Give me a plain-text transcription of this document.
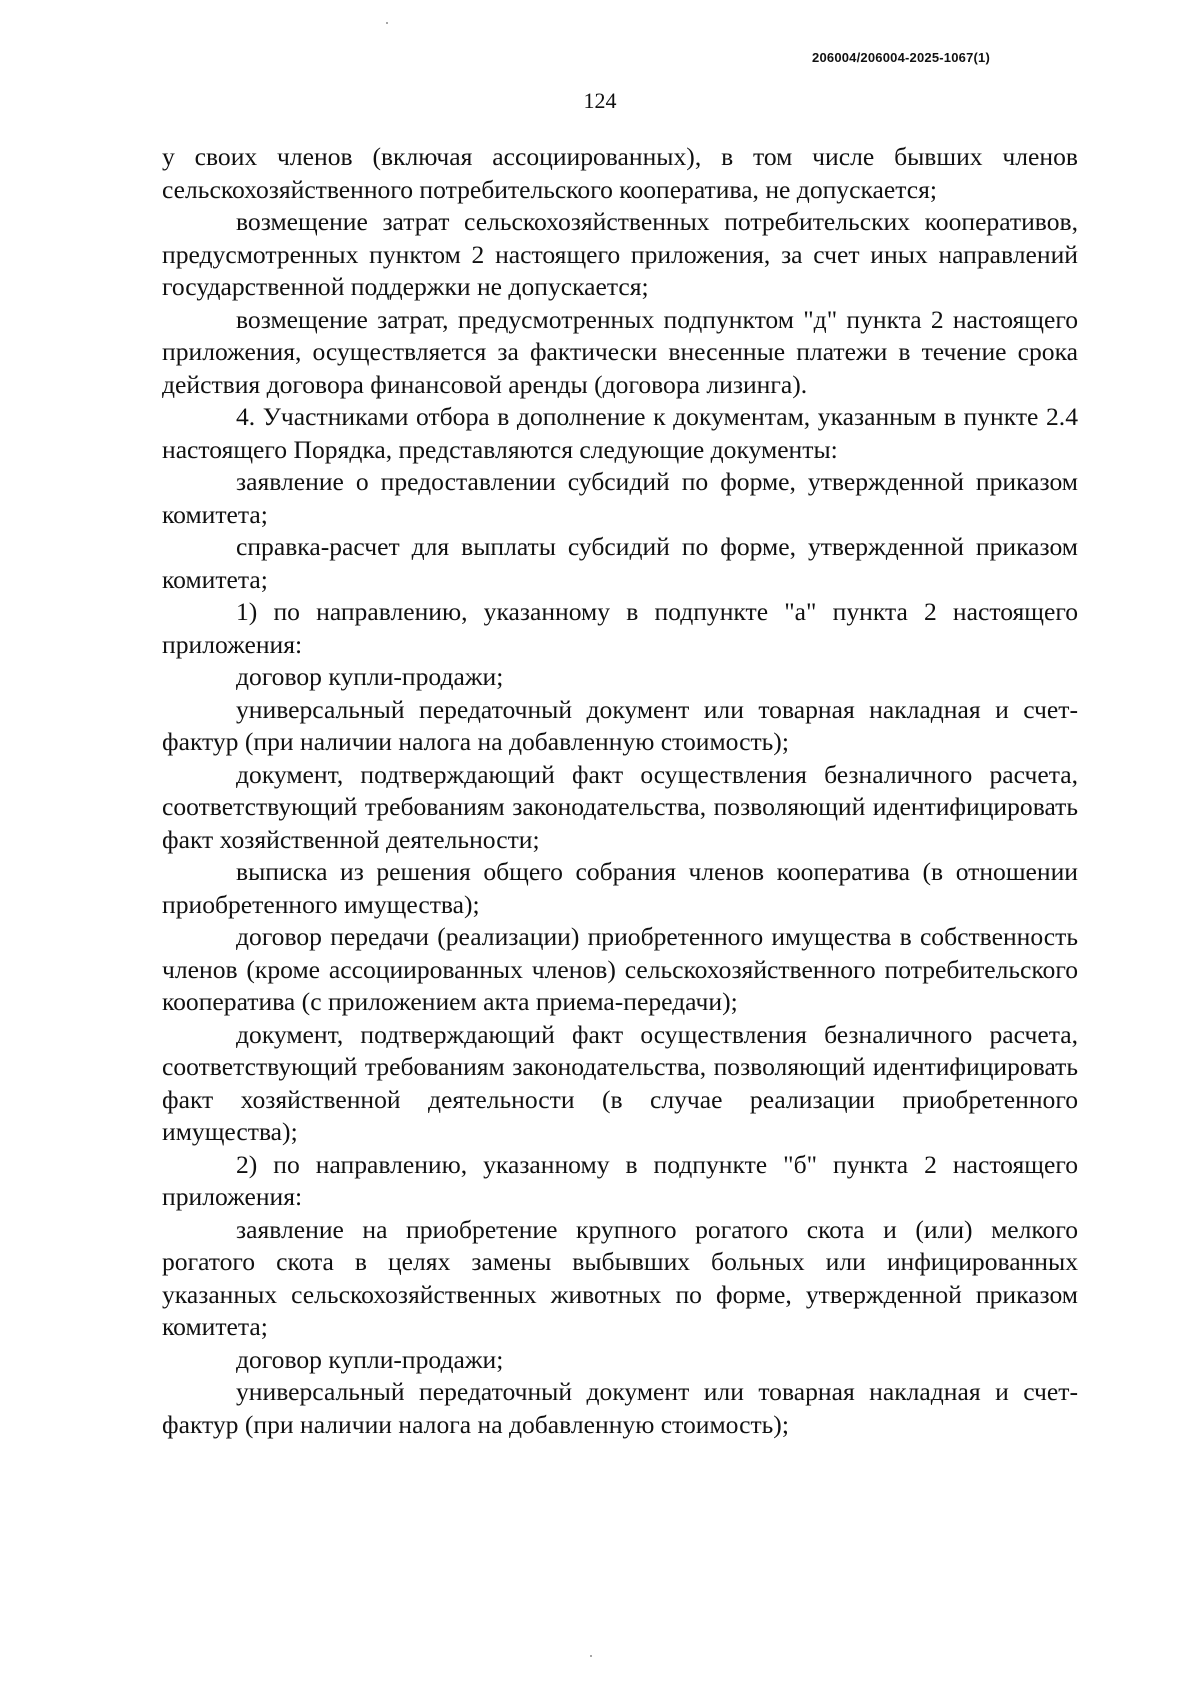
206004/206004-2025-1067(1)
124

у своих членов (включая ассоциированных), в том числе бывших членов сельскохозяйственного потребительского кооператива, не допускается;

возмещение затрат сельскохозяйственных потребительских кооперативов, предусмотренных пунктом 2 настоящего приложения, за счет иных направлений государственной поддержки не допускается;

возмещение затрат, предусмотренных подпунктом "д" пункта 2 настоящего приложения, осуществляется за фактически внесенные платежи в течение срока действия договора финансовой аренды (договора лизинга).

4. Участниками отбора в дополнение к документам, указанным в пункте 2.4 настоящего Порядка, представляются следующие документы:

заявление о предоставлении субсидий по форме, утвержденной приказом комитета;

справка-расчет для выплаты субсидий по форме, утвержденной приказом комитета;

1) по направлению, указанному в подпункте "а" пункта 2 настоящего приложения:

договор купли-продажи;

универсальный передаточный документ или товарная накладная и счет-фактур (при наличии налога на добавленную стоимость);

документ, подтверждающий факт осуществления безналичного расчета, соответствующий требованиям законодательства, позволяющий идентифицировать факт хозяйственной деятельности;

выписка из решения общего собрания членов кооператива (в отношении приобретенного имущества);

договор передачи (реализации) приобретенного имущества в собственность членов (кроме ассоциированных членов) сельскохозяйственного потребительского кооператива (с приложением акта приема-передачи);

документ, подтверждающий факт осуществления безналичного расчета, соответствующий требованиям законодательства, позволяющий идентифицировать факт хозяйственной деятельности (в случае реализации приобретенного имущества);

2) по направлению, указанному в подпункте "б" пункта 2 настоящего приложения:

заявление на приобретение крупного рогатого скота и (или) мелкого рогатого скота в целях замены выбывших больных или инфицированных указанных сельскохозяйственных животных по форме, утвержденной приказом комитета;

договор купли-продажи;

универсальный передаточный документ или товарная накладная и счет-фактур (при наличии налога на добавленную стоимость);
